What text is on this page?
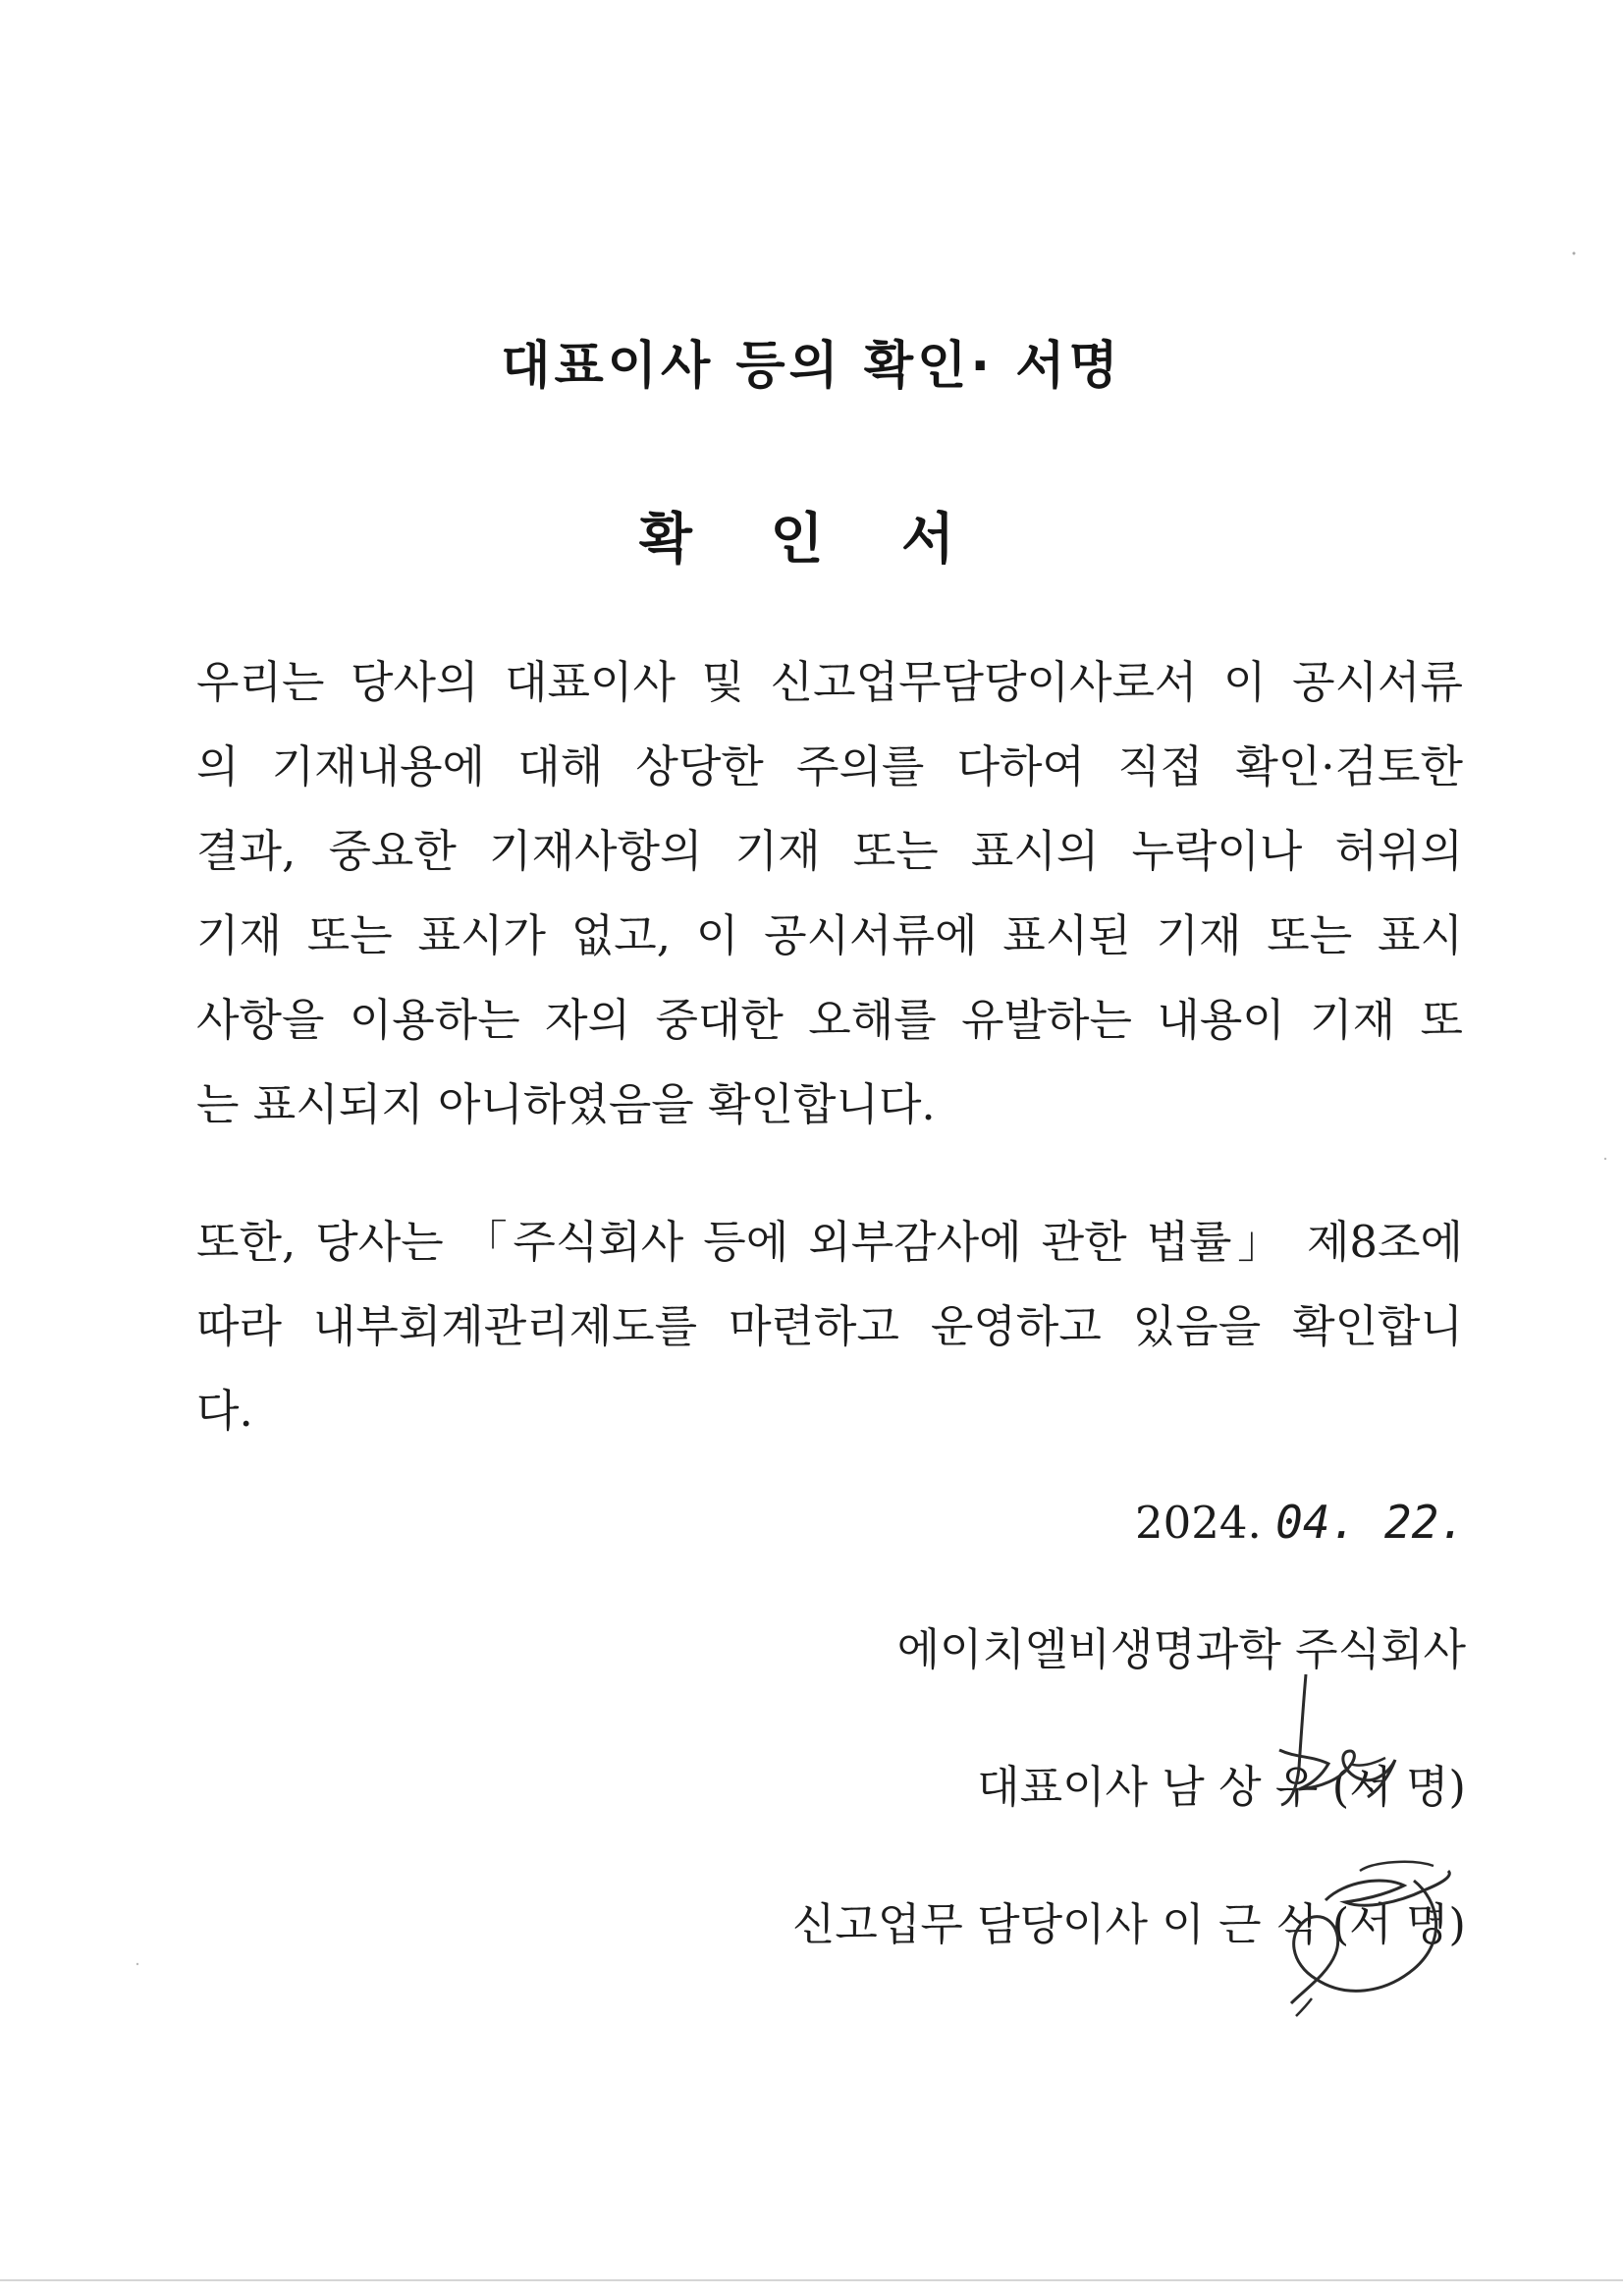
대표이사 등의 확인· 서명
확 인 서
우리는 당사의 대표이사 및 신고업무담당이사로서 이 공시서류
의 기재내용에 대해 상당한 주의를 다하여 직접 확인·검토한
결과, 중요한 기재사항의 기재 또는 표시의 누락이나 허위의
기재 또는 표시가 없고, 이 공시서류에 표시된 기재 또는 표시
사항을 이용하는 자의 중대한 오해를 유발하는 내용이 기재 또
는 표시되지 아니하였음을 확인합니다.
또한, 당사는 「주식회사 등에 외부감사에 관한 법률」 제8조에
따라 내부회계관리제도를 마련하고 운영하고 있음을 확인합니
다.
2024. 04. 22.
에이치엘비생명과학 주식회사
대표이사 남 상 우 (서 명)
신고업무 담당이사 이 근 식 (서 명)
